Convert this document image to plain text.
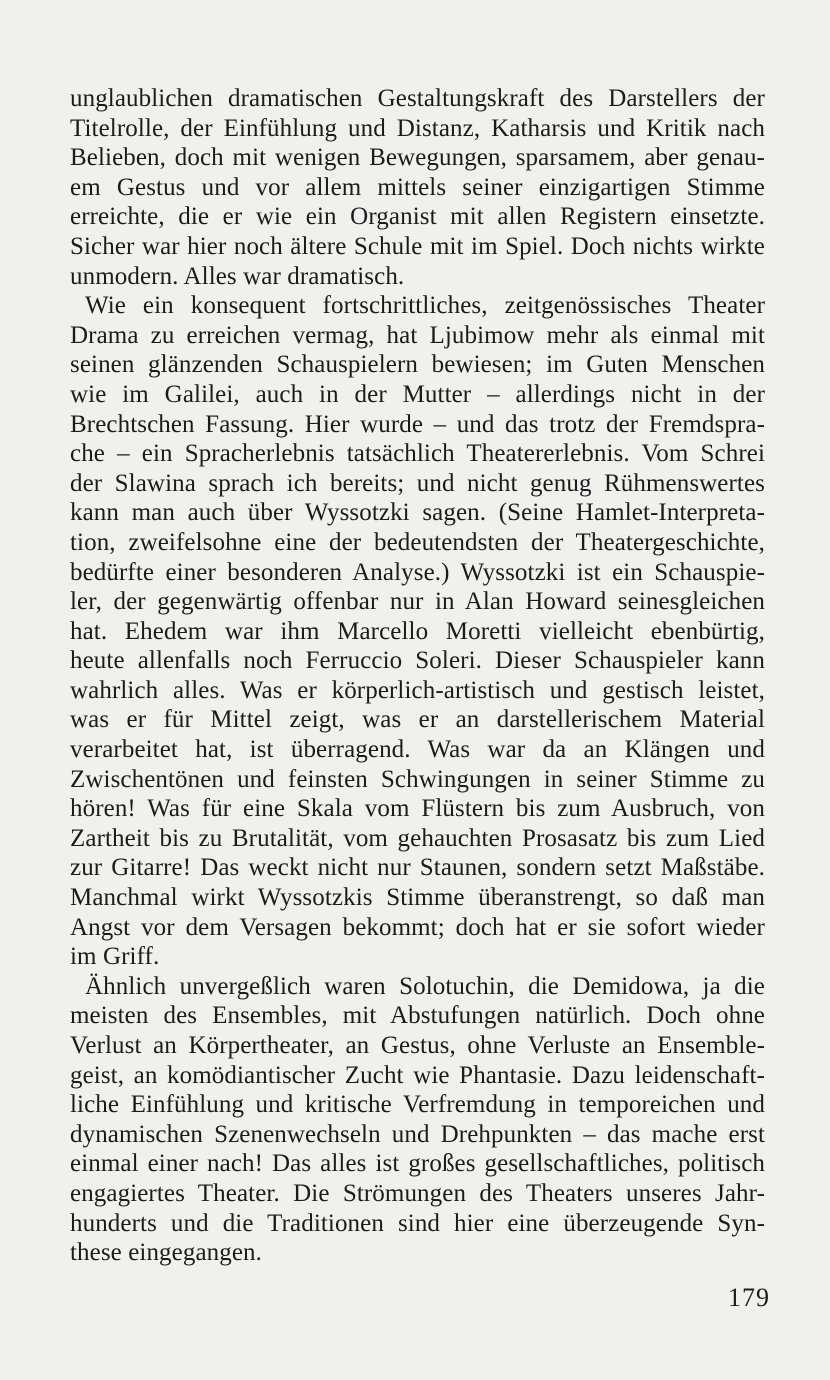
unglaublichen dramatischen Gestaltungskraft des Darstellers der
Titelrolle, der Einfühlung und Distanz, Katharsis und Kritik nach
Belieben, doch mit wenigen Bewegungen, sparsamem, aber genau-
em Gestus und vor allem mittels seiner einzigartigen Stimme
erreichte, die er wie ein Organist mit allen Registern einsetzte.
Sicher war hier noch ältere Schule mit im Spiel. Doch nichts wirkte
unmodern. Alles war dramatisch.
Wie ein konsequent fortschrittliches, zeitgenössisches Theater
Drama zu erreichen vermag, hat Ljubimow mehr als einmal mit
seinen glänzenden Schauspielern bewiesen; im Guten Menschen
wie im Galilei, auch in der Mutter – allerdings nicht in der
Brechtschen Fassung. Hier wurde – und das trotz der Fremdspra-
che – ein Spracherlebnis tatsächlich Theatererlebnis. Vom Schrei
der Slawina sprach ich bereits; und nicht genug Rühmenswertes
kann man auch über Wyssotzki sagen. (Seine Hamlet-Interpreta-
tion, zweifelsohne eine der bedeutendsten der Theatergeschichte,
bedürfte einer besonderen Analyse.) Wyssotzki ist ein Schauspie-
ler, der gegenwärtig offenbar nur in Alan Howard seinesgleichen
hat. Ehedem war ihm Marcello Moretti vielleicht ebenbürtig,
heute allenfalls noch Ferruccio Soleri. Dieser Schauspieler kann
wahrlich alles. Was er körperlich-artistisch und gestisch leistet,
was er für Mittel zeigt, was er an darstellerischem Material
verarbeitet hat, ist überragend. Was war da an Klängen und
Zwischentönen und feinsten Schwingungen in seiner Stimme zu
hören! Was für eine Skala vom Flüstern bis zum Ausbruch, von
Zartheit bis zu Brutalität, vom gehauchten Prosasatz bis zum Lied
zur Gitarre! Das weckt nicht nur Staunen, sondern setzt Maßstäbe.
Manchmal wirkt Wyssotzkis Stimme überanstrengt, so daß man
Angst vor dem Versagen bekommt; doch hat er sie sofort wieder
im Griff.
Ähnlich unvergeßlich waren Solotuchin, die Demidowa, ja die
meisten des Ensembles, mit Abstufungen natürlich. Doch ohne
Verlust an Körpertheater, an Gestus, ohne Verluste an Ensemble-
geist, an komödiantischer Zucht wie Phantasie. Dazu leidenschaft-
liche Einfühlung und kritische Verfremdung in temporeichen und
dynamischen Szenenwechseln und Drehpunkten – das mache erst
einmal einer nach! Das alles ist großes gesellschaftliches, politisch
engagiertes Theater. Die Strömungen des Theaters unseres Jahr-
hunderts und die Traditionen sind hier eine überzeugende Syn-
these eingegangen.
179
